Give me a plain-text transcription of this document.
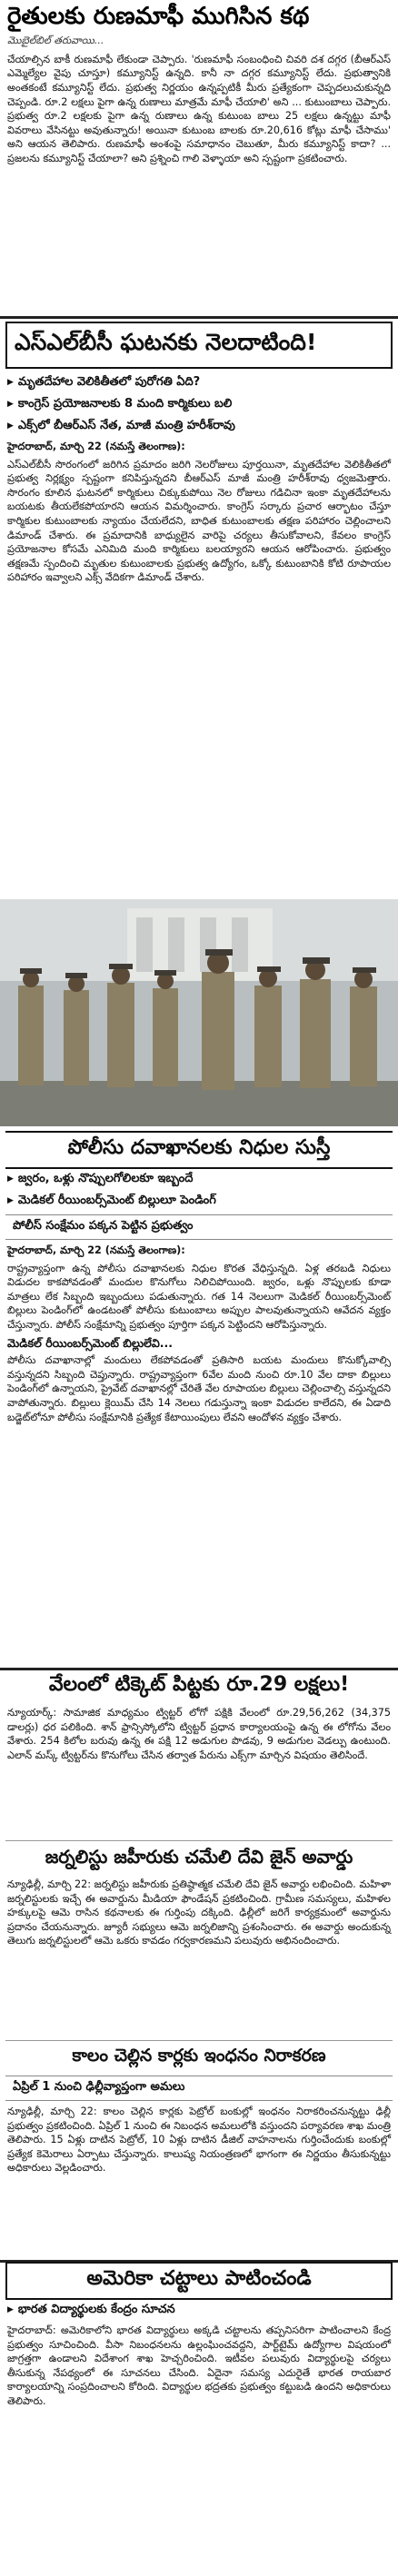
రైతులకు రుణమాఫీ ముగిసిన కథ
మొబైల్‌బిల్ తరువాయి...
చేయాల్సిన బాకీ రుణమాఫీ లేకుండా చెప్పారు. 'రుణమాఫీ సంబంధించి చివరి దశ దగ్గర (బీఆర్‌ఎస్ ఎమ్మెల్యేల వైపు చూస్తూ) కమ్యూనిస్ట్ ఉన్నది. కానీ నా దగ్గర కమ్యూనిస్ట్ లేదు. ప్రభుత్వానికి అంతకంటే కమ్యూనిస్ట్ లేదు. ప్రభుత్వ నిర్ణయం ఉన్నప్పటికీ మీరు ప్రత్యేకంగా చెప్పదలుచుకున్నది చెప్పండి. రూ.2 లక్షలు పైగా ఉన్న రుణాలు మాత్రమే మాఫీ చేయాలి' అని ... కుటుంబాలు చెప్పారు. ప్రభుత్వ రూ.2 లక్షలకు పైగా ఉన్న రుణాలు ఉన్న కుటుంబ బాలు 25 లక్షలు ఉన్నట్టు మాఫీ వివరాలు వేసినట్టు అవుతున్నారు! అయినా కుటుంబ బాలకు రూ.20,616 కోట్లు మాఫీ చేసాము' అని ఆయన తెలిపారు. రుణమాఫీ అంశంపై సమాధానం చెబుతూ, మీరు కమ్యూనిస్ట్ కాదా? ... ప్రజలను కమ్యూనిస్ట్ చేయాలా? అని ప్రశ్నించి గాలి వెళ్ళాయా అని స్పష్టంగా ప్రకటించారు.
ఎస్‌ఎల్‌బీసీ ఘటనకు నెలదాటింది!
▶ మృతదేహాల వెలికితీతలో పురోగతి ఏది?
▶ కాంగ్రెస్ ప్రయోజనాలకు 8 మంది కార్మికులు బలి
▶ ఎక్స్‌లో బీఆర్‌ఎస్ నేత, మాజీ మంత్రి హరీశ్‌రావు
హైదరాబాద్, మార్చి 22 (నమస్తే తెలంగాణ):
ఎస్‌ఎల్‌బీసీ సొరంగంలో జరిగిన ప్రమాదం జరిగి నెలరోజులు పూర్తయినా, మృతదేహాల వెలికితీతలో ప్రభుత్వ నిర్లక్ష్యం స్పష్టంగా కనిపిస్తున్నదని బీఆర్‌ఎస్ మాజీ మంత్రి హరీశ్‌రావు ధ్వజమెత్తారు. సొరంగం కూలిన ఘటనలో కార్మికులు చిక్కుకుపోయి నెల రోజులు గడిచినా ఇంకా మృతదేహాలను బయటకు తీయలేకపోయారని ఆయన విమర్శించారు. కాంగ్రెస్ సర్కారు ప్రచార ఆర్భాటం చేస్తూ కార్మికుల కుటుంబాలకు న్యాయం చేయలేదని, బాధిత కుటుంబాలకు తక్షణ పరిహారం చెల్లించాలని డిమాండ్ చేశారు. ఈ ప్రమాదానికి బాధ్యులైన వారిపై చర్యలు తీసుకోవాలని, కేవలం కాంగ్రెస్ ప్రయోజనాల కోసమే ఎనిమిది మంది కార్మికులు బలయ్యారని ఆయన ఆరోపించారు. ప్రభుత్వం తక్షణమే స్పందించి మృతుల కుటుంబాలకు ప్రభుత్వ ఉద్యోగం, ఒక్కో కుటుంబానికి కోటి రూపాయల పరిహారం ఇవ్వాలని ఎక్స్ వేదికగా డిమాండ్ చేశారు.
పోలీసు దవాఖానలకు నిధుల సుస్తీ
▶ జ్వరం, ఒళ్లు నొప్పులగోలిలకూ ఇబ్బందే
▶ మెడికల్ రీయింబర్స్‌మెంట్ బిల్లులూ పెండింగ్
పోలీస్ సంక్షేమం పక్కన పెట్టిన ప్రభుత్వం
హైదరాబాద్, మార్చి 22 (నమస్తే తెలంగాణ):
రాష్ట్రవ్యాప్తంగా ఉన్న పోలీసు దవాఖానలకు నిధుల కొరత వేధిస్తున్నది. ఏళ్ల తరబడి నిధులు విడుదల కాకపోవడంతో మందుల కొనుగోలు నిలిచిపోయింది. జ్వరం, ఒళ్లు నొప్పులకు కూడా మాత్రలు లేక సిబ్బంది ఇబ్బందులు పడుతున్నారు. గత 14 నెలలుగా మెడికల్ రీయింబర్స్‌మెంట్ బిల్లులు పెండింగ్‌లో ఉండటంతో పోలీసు కుటుంబాలు అప్పుల పాలవుతున్నాయని ఆవేదన వ్యక్తం చేస్తున్నారు. పోలీస్ సంక్షేమాన్ని ప్రభుత్వం పూర్తిగా పక్కన పెట్టిందని ఆరోపిస్తున్నారు.
మెడికల్ రీయింబర్స్‌మెంట్ బిల్లులేవి...
పోలీసు దవాఖానాల్లో మందులు లేకపోవడంతో ప్రతిసారి బయట మందులు కొనుక్కోవాల్సి వస్తున్నదని సిబ్బంది చెప్తున్నారు. రాష్ట్రవ్యాప్తంగా 6వేల మంది నుంచి రూ.10 వేల దాకా బిల్లులు పెండింగ్‌లో ఉన్నాయని, ప్రైవేట్ దవాఖానల్లో చేరితే వేల రూపాయల బిల్లులు చెల్లించాల్సి వస్తున్నదని వాపోతున్నారు. బిల్లులు క్లెయిమ్ చేసి 14 నెలలు గడుస్తున్నా ఇంకా విడుదల కాలేదని, ఈ ఏడాది బడ్జెట్‌లోనూ పోలీసు సంక్షేమానికి ప్రత్యేక కేటాయింపులు లేవని ఆందోళన వ్యక్తం చేశారు.
వేలంలో టిక్కెట్ పిట్టకు రూ.29 లక్షలు!
న్యూయార్క్: సామాజిక మాధ్యమం ట్విట్టర్ లోగో పక్షికి వేలంలో రూ.29,56,262 (34,375 డాలర్లు) ధర పలికింది. శాన్ ఫ్రాన్సిస్కోలోని ట్విట్టర్ ప్రధాన కార్యాలయంపై ఉన్న ఈ లోగోను వేలం వేశారు. 254 కిలోల బరువు ఉన్న ఈ పక్షి 12 అడుగుల పొడవు, 9 అడుగుల వెడల్పు ఉంటుంది. ఎలాన్ మస్క్ ట్విట్టర్‌ను కొనుగోలు చేసిన తర్వాత పేరును ఎక్స్‌గా మార్చిన విషయం తెలిసిందే.
జర్నలిస్టు జహీరుకు చమేలి దేవి జైన్ అవార్డు
న్యూఢిల్లీ, మార్చి 22: జర్నలిస్టు జహీరుకు ప్రతిష్ఠాత్మక చమేలి దేవి జైన్ అవార్డు లభించింది. మహిళా జర్నలిస్టులకు ఇచ్చే ఈ అవార్డును మీడియా ఫౌండేషన్ ప్రకటించింది. గ్రామీణ సమస్యలు, మహిళల హక్కులపై ఆమె రాసిన కథనాలకు ఈ గుర్తింపు దక్కింది. ఢిల్లీలో జరిగే కార్యక్రమంలో అవార్డును ప్రదానం చేయనున్నారు. జ్యూరీ సభ్యులు ఆమె జర్నలిజాన్ని ప్రశంసించారు. ఈ అవార్డు అందుకున్న తెలుగు జర్నలిస్టులలో ఆమె ఒకరు కావడం గర్వకారణమని పలువురు అభినందించారు.
కాలం చెల్లిన కార్లకు ఇంధనం నిరాకరణ
ఏప్రిల్ 1 నుంచి ఢిల్లీవ్యాప్తంగా అమలు
న్యూఢిల్లీ, మార్చి 22: కాలం చెల్లిన కార్లకు పెట్రోల్ బంకుల్లో ఇంధనం నిరాకరించనున్నట్టు ఢిల్లీ ప్రభుత్వం ప్రకటించింది. ఏప్రిల్ 1 నుంచి ఈ నిబంధన అమలులోకి వస్తుందని పర్యావరణ శాఖ మంత్రి తెలిపారు. 15 ఏళ్లు దాటిన పెట్రోల్, 10 ఏళ్లు దాటిన డీజిల్ వాహనాలను గుర్తించేందుకు బంకుల్లో ప్రత్యేక కెమెరాలు ఏర్పాటు చేస్తున్నారు. కాలుష్య నియంత్రణలో భాగంగా ఈ నిర్ణయం తీసుకున్నట్టు అధికారులు వెల్లడించారు.
అమెరికా చట్టాలు పాటించండి
▶ భారత విద్యార్థులకు కేంద్రం సూచన
హైదరాబాద్: అమెరికాలోని భారత విద్యార్థులు అక్కడి చట్టాలను తప్పనిసరిగా పాటించాలని కేంద్ర ప్రభుత్వం సూచించింది. వీసా నిబంధనలను ఉల్లంఘించవద్దని, పార్ట్‌టైమ్ ఉద్యోగాల విషయంలో జాగ్రత్తగా ఉండాలని విదేశాంగ శాఖ హెచ్చరించింది. ఇటీవల పలువురు విద్యార్థులపై చర్యలు తీసుకున్న నేపథ్యంలో ఈ సూచనలు చేసింది. ఏదైనా సమస్య ఎదురైతే భారత రాయబార కార్యాలయాన్ని సంప్రదించాలని కోరింది. విద్యార్థుల భద్రతకు ప్రభుత్వం కట్టుబడి ఉందని అధికారులు తెలిపారు.
